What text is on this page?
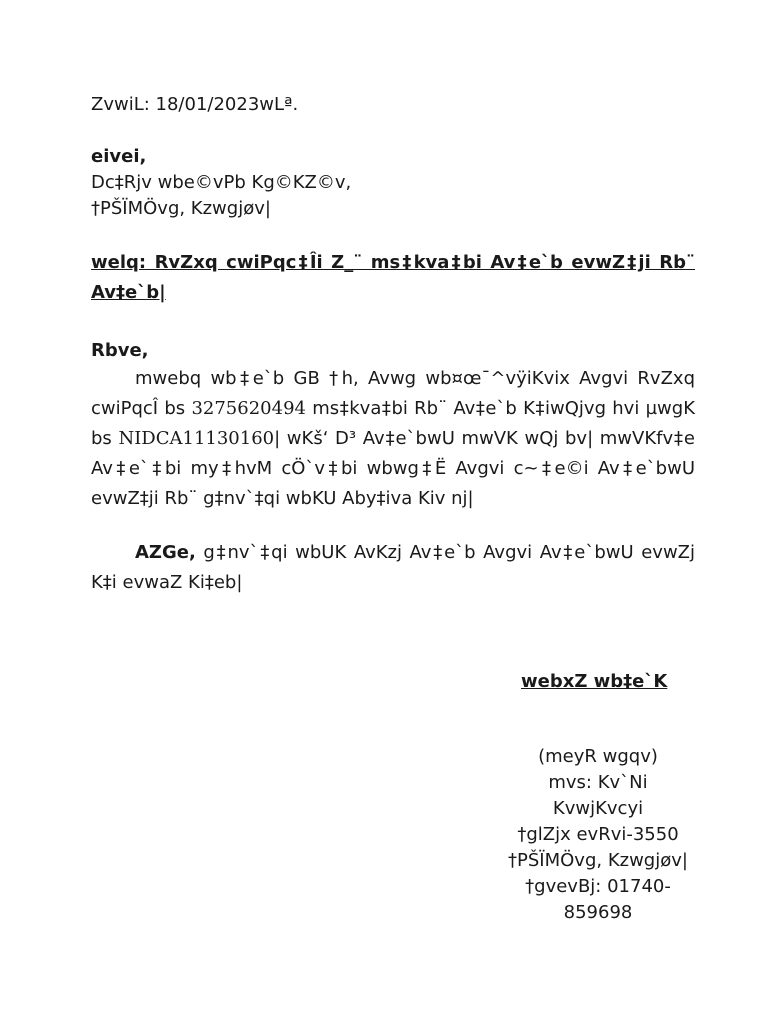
ZvwiL: 18/01/2023wLª.

eivei,

Dc‡Rjv wbe©vPb Kg©KZ©v,

†PŠÏMÖvg, Kzwgjøv|

welq: RvZxq cwiPqc‡Îi Z_¨ ms‡kva‡bi Av‡e`b evwZ‡ji Rb¨ Av‡e`b|

Rbve,

mwebq wb‡e`b GB †h, Avwg wb¤œ¯^vÿiKvix Avgvi RvZxq cwiPqcÎ bs 3275620494 ms‡kva‡bi Rb¨ Av‡e`b K‡iwQjvg hvi µwgK bs NIDCA11130160| wKš‘ D³ Av‡e`bwU mwVK wQj bv| mwVKfv‡e Av‡e`‡bi my‡hvM cÖ`v‡bi wbwg‡Ë Avgvi c~‡e©i Av‡e`bwU evwZ‡ji Rb¨ g‡nv`‡qi wbKU Aby‡iva Kiv nj|

AZGe, g‡nv`‡qi wbUK AvKzj Av‡e`b Avgvi Av‡e`bwU evwZj K‡i evwaZ Ki‡eb|

webxZ wb‡e`K
(meyR wgqv)
mvs: Kv`Ni
KvwjKvcyi
†glZjx evRvi-3550
†PŠÏMÖvg, Kzwgjøv|
†gvevBj: 01740-
859698
